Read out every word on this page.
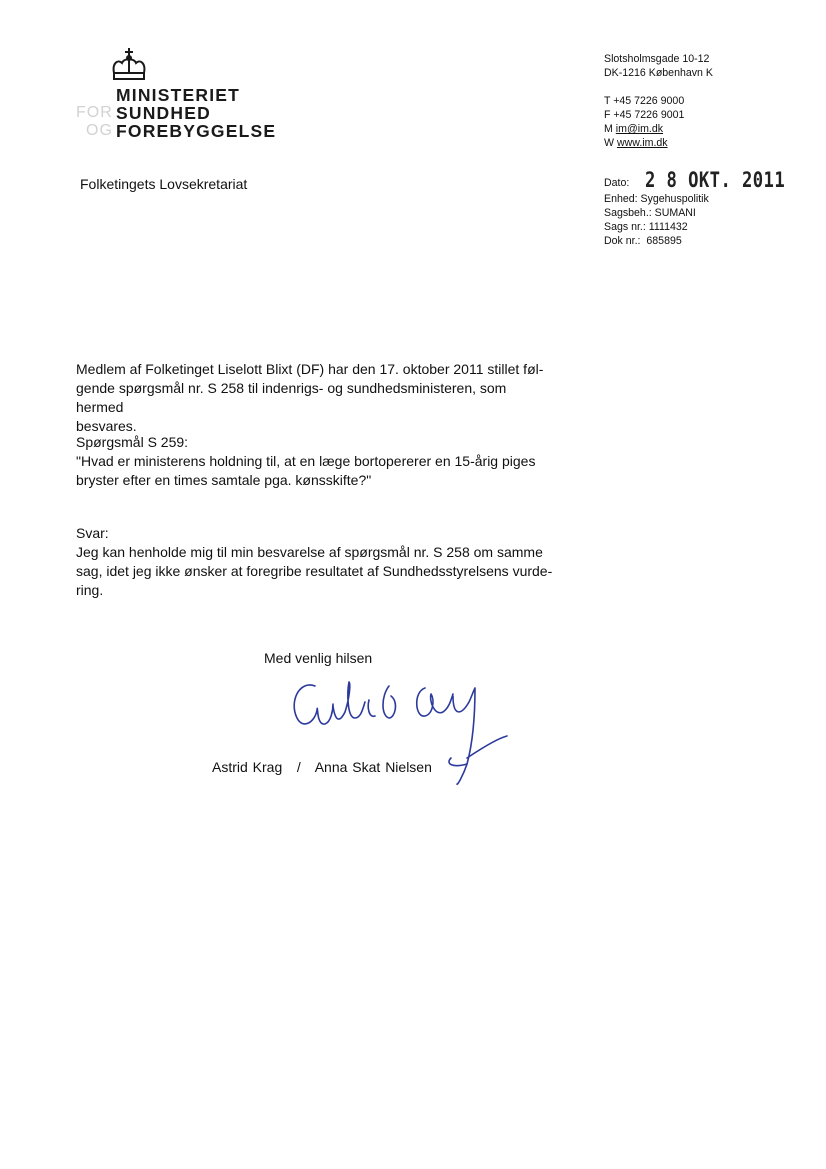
MINISTERIET
FOR SUNDHED
OG FOREBYGGELSE
Slotsholmsgade 10-12
DK-1216 København K
T +45 7226 9000
F +45 7226 9001
M im@im.dk
W www.im.dk
Dato: 2 8 OKT. 2011
Enhed: Sygehuspolitik
Sagsbeh.: SUMANI
Sags nr.: 1111432
Dok nr.:  685895
Folketingets Lovsekretariat

Medlem af Folketinget Liselott Blixt (DF) har den 17. oktober 2011 stillet føl-

gende spørgsmål nr. S 258 til indenrigs- og sundhedsministeren, som hermed

besvares.

Spørgsmål S 259:

"Hvad er ministerens holdning til, at en læge bortopererer en 15-årig piges

bryster efter en times samtale pga. kønsskifte?"

Svar:

Jeg kan henholde mig til min besvarelse af spørgsmål nr. S 258 om samme

sag, idet jeg ikke ønsker at foregribe resultatet af Sundhedsstyrelsens vurde-

ring.

Med venlig hilsen
Astrid Krag   /   Anna Skat Nielsen
